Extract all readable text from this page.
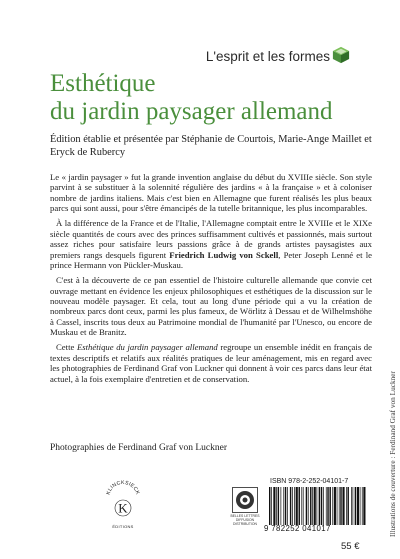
L'esprit et les formes
Esthétique
du jardin paysager allemand
Édition établie et présentée par Stéphanie de Courtois, Marie-Ange Maillet et Eryck de Rubercy

Le « jardin paysager » fut la grande invention anglaise du début du XVIIIe siècle. Son style parvint à se substituer à la solennité régulière des jardins « à la française » et à coloniser nombre de jardins italiens. Mais c'est bien en Allemagne que furent réalisés les plus beaux parcs qui sont aussi, pour s'être émancipés de la tutelle britannique, les plus incomparables.

À la différence de la France et de l'Italie, l'Allemagne comptait entre le XVIIIe et le XIXe siècle quantités de cours avec des princes suffisamment cultivés et passionnés, mais surtout assez riches pour satisfaire leurs passions grâce à de grands artistes paysagistes aux premiers rangs desquels figurent Friedrich Ludwig von Sckell, Peter Joseph Lenné et le prince Hermann von Pückler-Muskau.

C'est à la découverte de ce pan essentiel de l'histoire culturelle allemande que convie cet ouvrage mettant en évidence les enjeux philosophiques et esthétiques de la discussion sur le nouveau modèle paysager. Et cela, tout au long d'une période qui a vu la création de nombreux parcs dont ceux, parmi les plus fameux, de Wörlitz à Dessau et de Wilhelmshöhe à Cassel, inscrits tous deux au Patrimoine mondial de l'humanité par l'Unesco, ou encore de Muskau et de Branitz.

Cette Esthétique du jardin paysager allemand regroupe un ensemble inédit en français de textes descriptifs et relatifs aux réalités pratiques de leur aménagement, mis en regard avec les photographies de Ferdinand Graf von Luckner qui donnent à voir ces parcs dans leur état actuel, à la fois exemplaire d'entretien et de conservation.

Photographies de Ferdinand Graf von Luckner	Illustrations de couverture : Ferdinand Graf von Luckner
KLINCKSIECK
K
ÉDITIONS
BELLES LETTRES DIFFUSION DISTRIBUTION
ISBN 978-2-252-04101-7
9 782252 041017
55 €
